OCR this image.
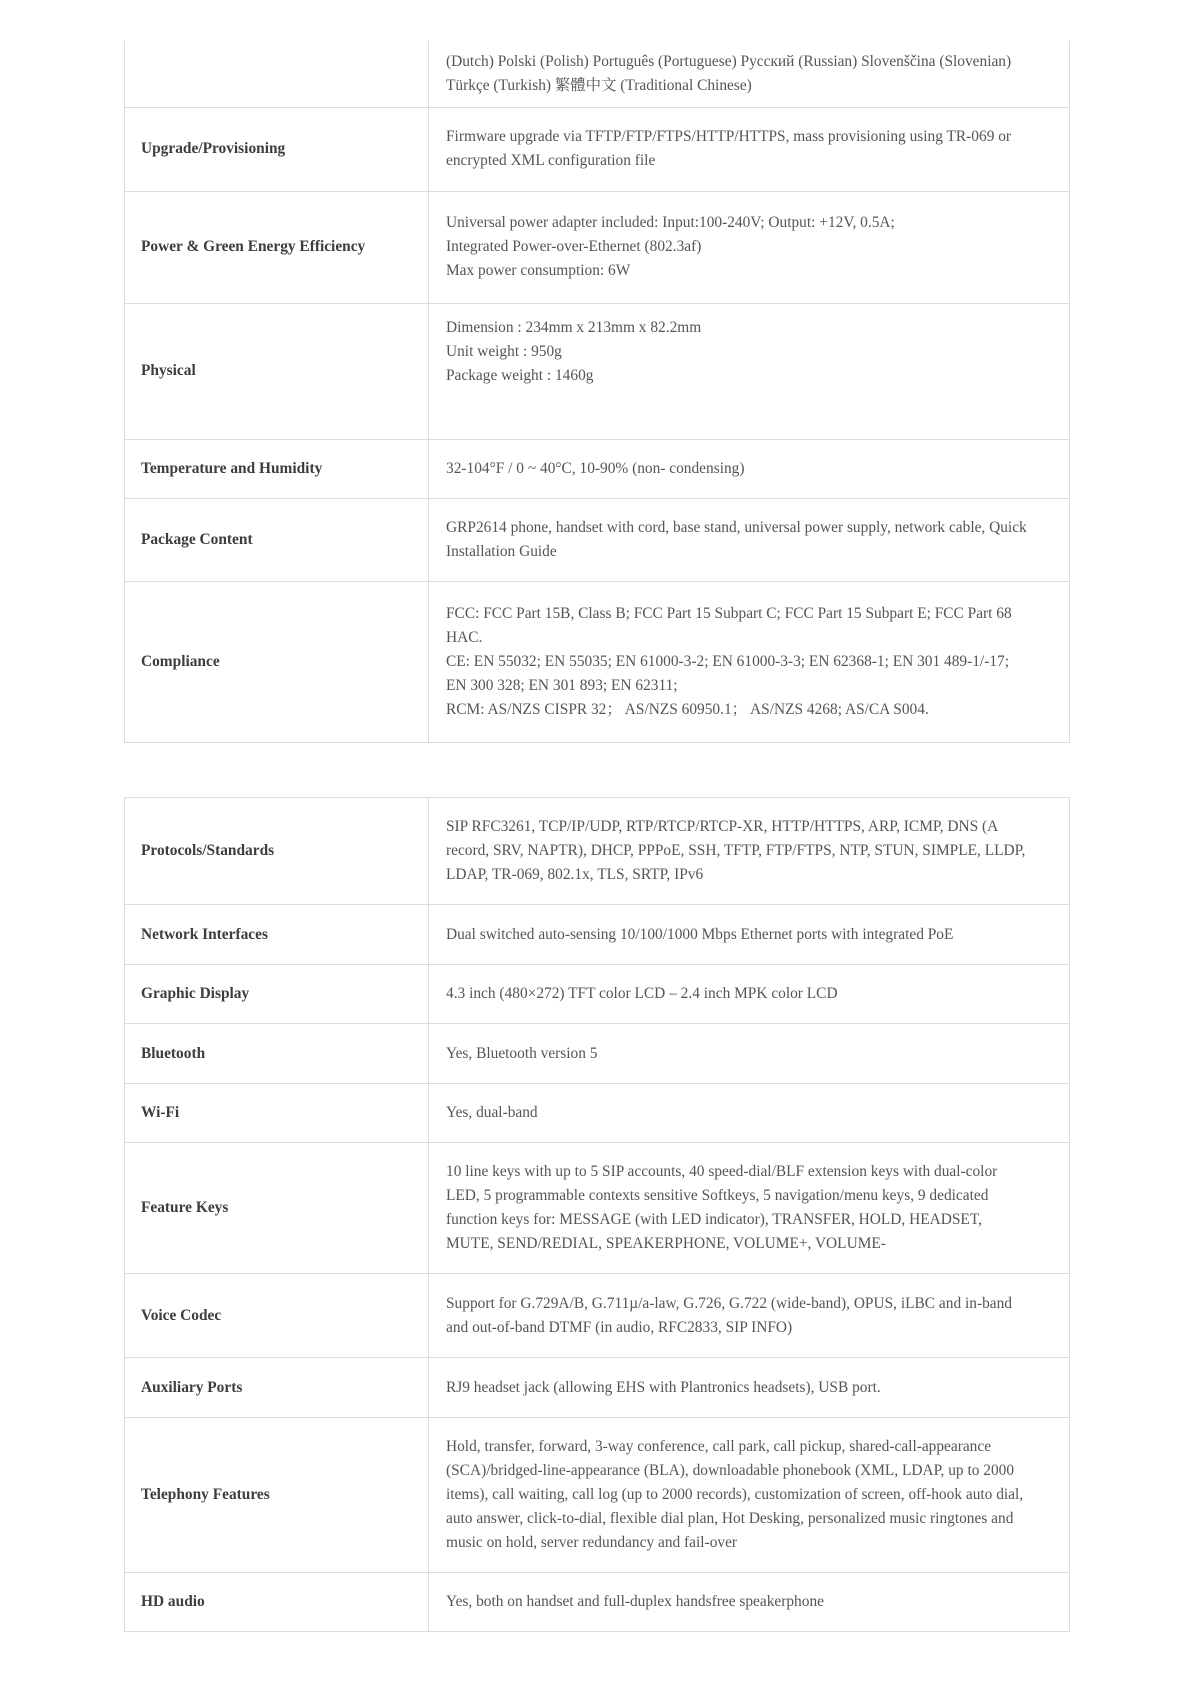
	(Dutch) Polski (Polish) Português (Portuguese) Русский (Russian) Slovenščina (Slovenian)
Türkçe (Turkish) 繁體中文 (Traditional Chinese)

Upgrade/Provisioning	Firmware upgrade via TFTP/FTP/FTPS/HTTP/HTTPS, mass provisioning using TR-069 or
encrypted XML configuration file

Power & Green Energy Efficiency	Universal power adapter included: Input:100-240V; Output: +12V, 0.5A;
Integrated Power-over-Ethernet (802.3af)
Max power consumption: 6W

Physical	Dimension : 234mm x 213mm x 82.2mm
Unit weight : 950g
Package weight : 1460g

Temperature and Humidity	32-104°F / 0 ~ 40°C, 10-90% (non- condensing)

Package Content	GRP2614 phone, handset with cord, base stand, universal power supply, network cable, Quick
Installation Guide

Compliance	FCC: FCC Part 15B, Class B; FCC Part 15 Subpart C; FCC Part 15 Subpart E; FCC Part 68
HAC.
CE: EN 55032; EN 55035; EN 61000-3-2; EN 61000-3-3; EN 62368-1; EN 301 489-1/-17;
EN 300 328; EN 301 893; EN 62311;
RCM: AS/NZS CISPR 32； AS/NZS 60950.1； AS/NZS 4268; AS/CA S004.
Protocols/Standards	SIP RFC3261, TCP/IP/UDP, RTP/RTCP/RTCP-XR, HTTP/HTTPS, ARP, ICMP, DNS (A
record, SRV, NAPTR), DHCP, PPPoE, SSH, TFTP, FTP/FTPS, NTP, STUN, SIMPLE, LLDP,
LDAP, TR-069, 802.1x, TLS, SRTP, IPv6

Network Interfaces	Dual switched auto-sensing 10/100/1000 Mbps Ethernet ports with integrated PoE

Graphic Display	4.3 inch (480×272) TFT color LCD – 2.4 inch MPK color LCD

Bluetooth	Yes, Bluetooth version 5

Wi-Fi	Yes, dual-band

Feature Keys	10 line keys with up to 5 SIP accounts, 40 speed-dial/BLF extension keys with dual-color
LED, 5 programmable contexts sensitive Softkeys, 5 navigation/menu keys, 9 dedicated
function keys for: MESSAGE (with LED indicator), TRANSFER, HOLD, HEADSET,
MUTE, SEND/REDIAL, SPEAKERPHONE, VOLUME+, VOLUME-

Voice Codec	Support for G.729A/B, G.711µ/a-law, G.726, G.722 (wide-band), OPUS, iLBC and in-band
and out-of-band DTMF (in audio, RFC2833, SIP INFO)

Auxiliary Ports	RJ9 headset jack (allowing EHS with Plantronics headsets), USB port.

Telephony Features	Hold, transfer, forward, 3-way conference, call park, call pickup, shared-call-appearance
(SCA)/bridged-line-appearance (BLA), downloadable phonebook (XML, LDAP, up to 2000
items), call waiting, call log (up to 2000 records), customization of screen, off-hook auto dial,
auto answer, click-to-dial, flexible dial plan, Hot Desking, personalized music ringtones and
music on hold, server redundancy and fail-over

HD audio	Yes, both on handset and full-duplex handsfree speakerphone
